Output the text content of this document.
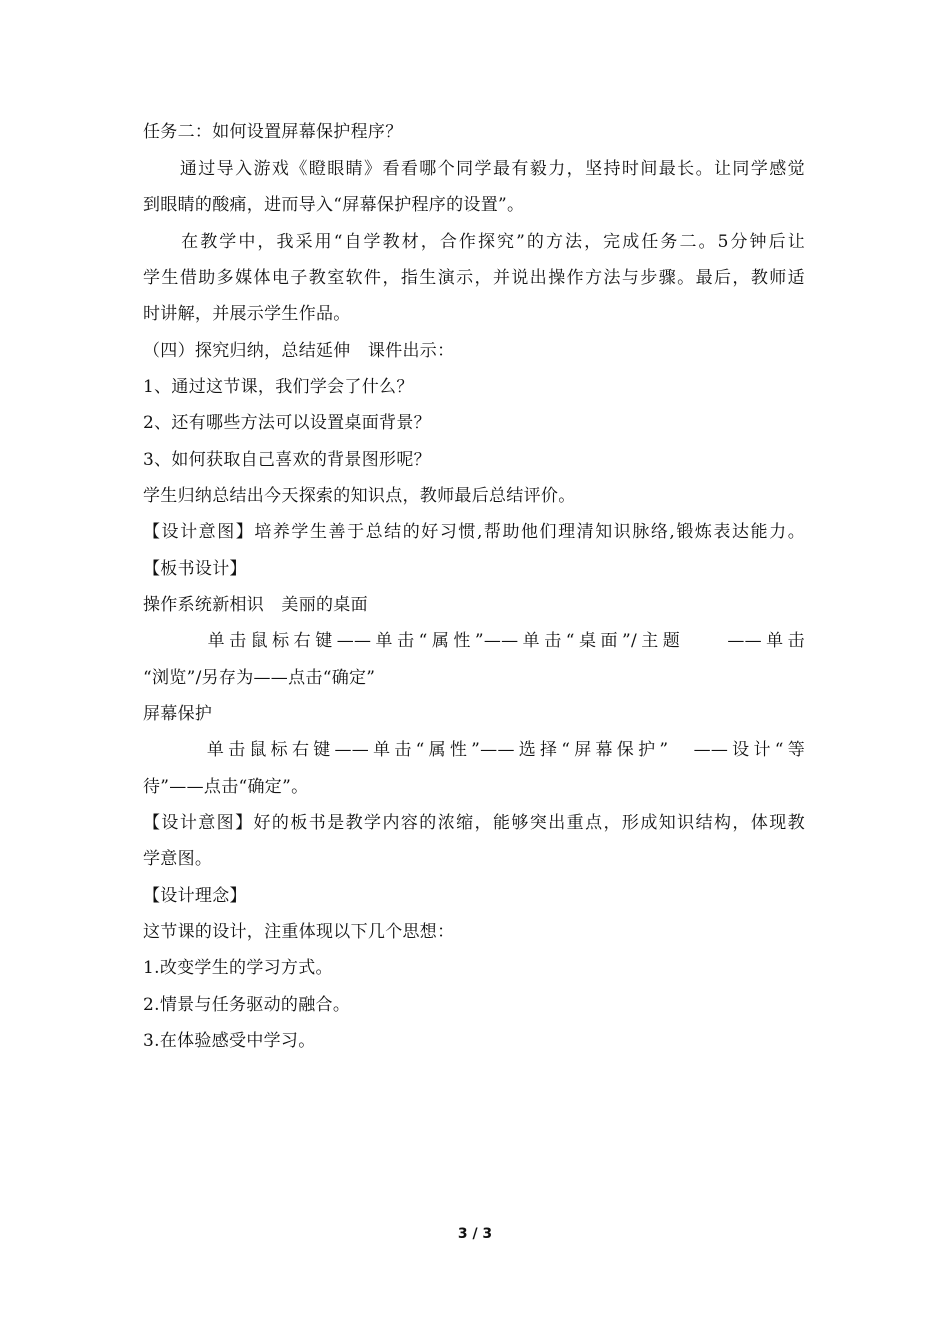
任务二：如何设置屏幕保护程序？
　　通过导入游戏《瞪眼睛》看看哪个同学最有毅力，坚持时间最长。让同学感觉
到眼睛的酸痛，进而导入“屏幕保护程序的设置”。
　　在教学中，我采用“自学教材，合作探究”的方法，完成任务二。5分钟后让
学生借助多媒体电子教室软件，指生演示，并说出操作方法与步骤。最后，教师适
时讲解，并展示学生作品。
（四）探究归纳，总结延伸　课件出示：
1、通过这节课，我们学会了什么？
2、还有哪些方法可以设置桌面背景？
3、如何获取自己喜欢的背景图形呢？
学生归纳总结出今天探索的知识点，教师最后总结评价。
【设计意图】培养学生善于总结的好习惯,帮助他们理清知识脉络,锻炼表达能力。
【板书设计】
操作系统新相识　美丽的桌面
　　　单击鼠标右键——单击“属性”——单击“桌面”/主题　　——单击
“浏览”/另存为——点击“确定”
屏幕保护
　　　单击鼠标右键——单击“属性”——选择“屏幕保护”　——设计“等
待”——点击“确定”。
【设计意图】好的板书是教学内容的浓缩，能够突出重点，形成知识结构，体现教
学意图。
【设计理念】
这节课的设计，注重体现以下几个思想：
1.改变学生的学习方式。
2.情景与任务驱动的融合。
3.在体验感受中学习。
3 / 3
